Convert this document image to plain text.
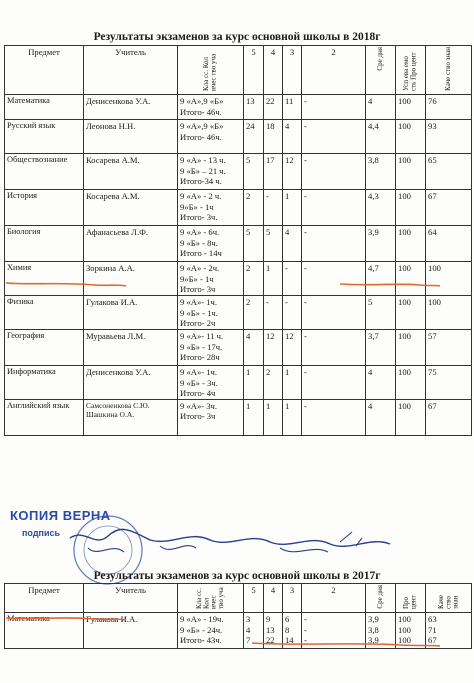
Результаты экзаменов за курс основной школы в 2018г
Предмет	Учитель	Кла сс. Кол ичес тво уча	5	4	3	2	Сре дня	Усп ева емо сть Про цент	Каче ство знан
Математика	Денисенкова У.А.	9 «А»,9 «Б»
Итого- 46ч.	13	22	11	-	4	100	76
Русский язык	Леонова Н.Н.	9 «А»,9 «Б»
Итого- 46ч.	24	18	4	-	4,4	100	93
Обществознание	Косарева А.М.	9 «А» - 13 ч.
9 «Б» – 21 ч.
Итого-34 ч.	5	17	12	-	3,8	100	65
История	Косарева А.М.	9 «А» - 2 ч.
9»Б» - 1ч
Итого- 3ч.	2	-	1	-	4,3	100	67
Биология	Афанасьева Л.Ф.	9 «А» - 6ч.
9 «Б» - 8ч.
Итого - 14ч	5	5	4	-	3,9	100	64
Химия	Зоркина А.А.	9 «А» - 2ч.
9»Б» - 1ч
Итого- 3ч	2	1	-	-	4,7	100	100
Физика	Гулакова И.А.	9 «А»- 1ч.
9 «Б» - 1ч.
Итого- 2ч	2	-	-	-	5	100	100
География	Муравьева Л.М.	9 «А»- 11 ч.
9 «Б» - 17ч.
Итого- 28ч	4	12	12	-	3,7	100	57
Информатика	Денисенкова У.А.	9 «А»- 1ч.
9 «Б» - 3ч.
Итого- 4ч	1	2	1	-	4	100	75
Английский язык	Самсоненкова С.Ю.
Шашкина О.А.	9 «А»- 3ч.
Итого- 3ч	1	1	1	-	4	100	67
КОПИЯ ВЕРНА
подпись
Результаты экзаменов за курс основной школы в 2017г
Предмет	Учитель	Кла сс. Кол ичес тво уча	5	4	3	2	Сре дня	Про цент	Каче ство знан
Математика	Гулакова И.А.	9 «А» - 19ч.
9 «Б» - 24ч.
Итого- 43ч.	3
4
7	9
13
22	6
8
14	-
-
-	3,9
3,8
3,9	100
100
100	63
71
67
